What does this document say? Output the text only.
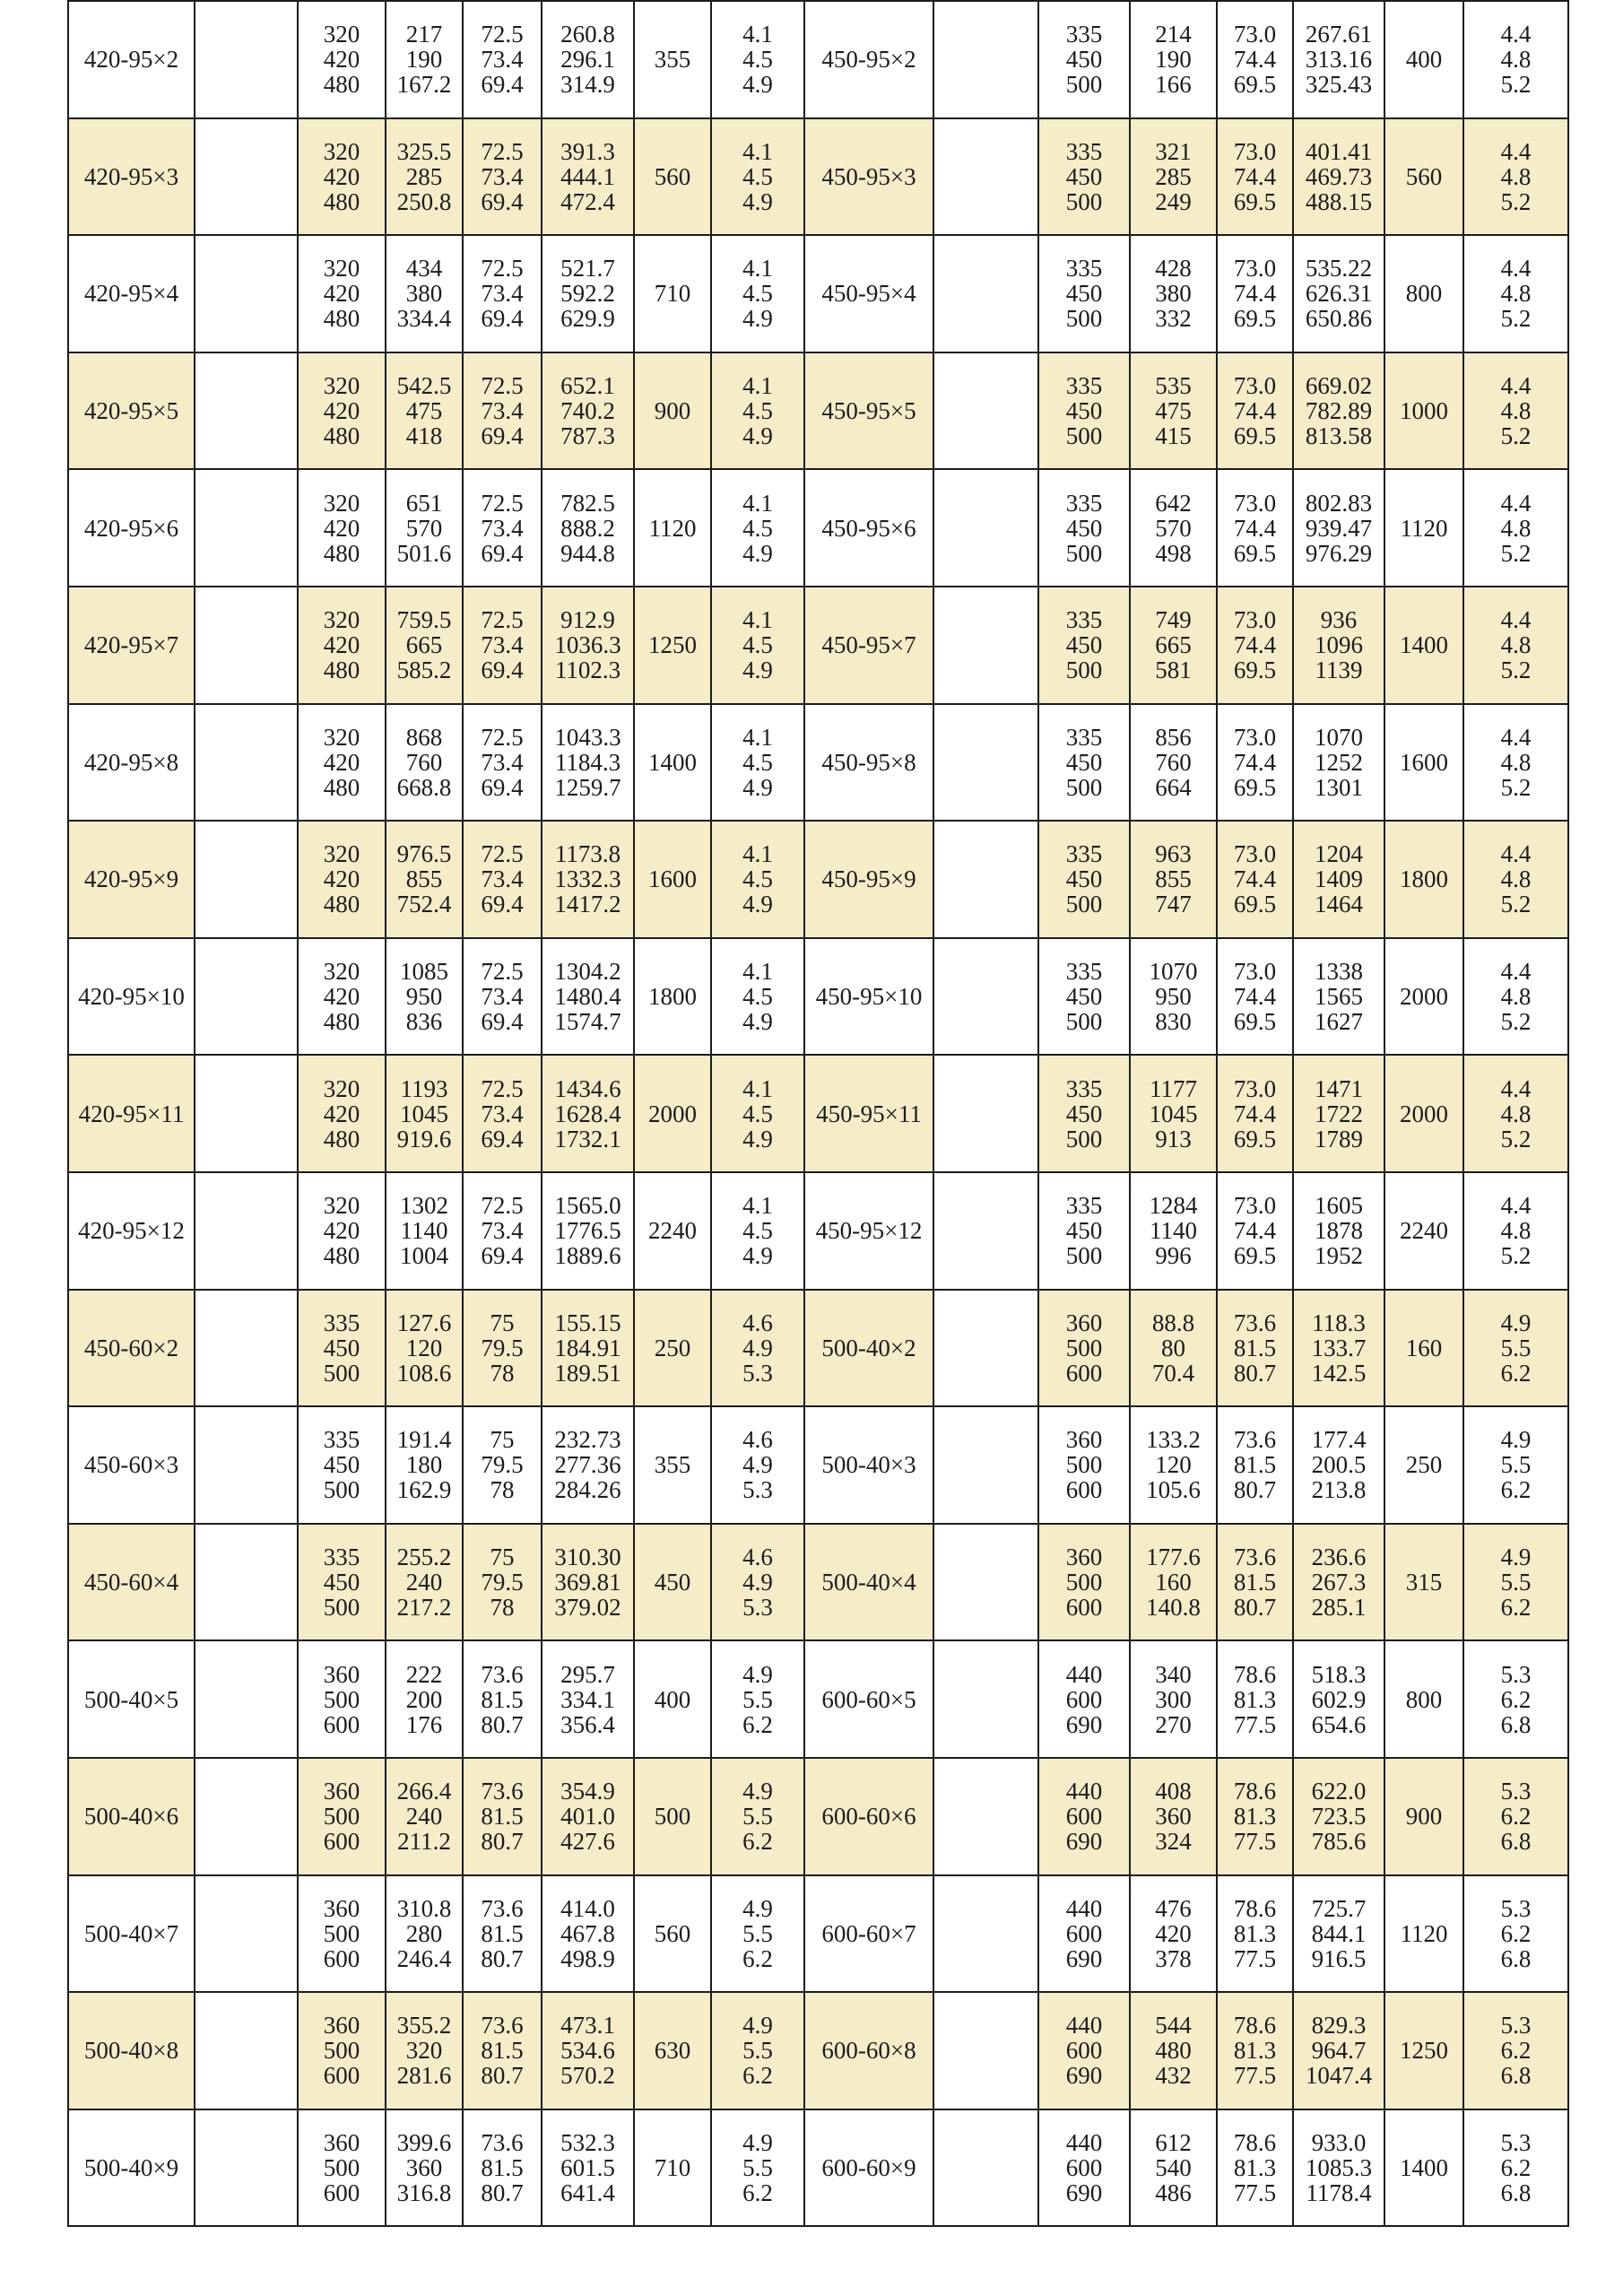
420-95×2
320
420
480
217
190
167.2
72.5
73.4
69.4
260.8
296.1
314.9
355
4.1
4.5
4.9
450-95×2
335
450
500
214
190
166
73.0
74.4
69.5
267.61
313.16
325.43
400
4.4
4.8
5.2
420-95×3
320
420
480
325.5
285
250.8
72.5
73.4
69.4
391.3
444.1
472.4
560
4.1
4.5
4.9
450-95×3
335
450
500
321
285
249
73.0
74.4
69.5
401.41
469.73
488.15
560
4.4
4.8
5.2
420-95×4
320
420
480
434
380
334.4
72.5
73.4
69.4
521.7
592.2
629.9
710
4.1
4.5
4.9
450-95×4
335
450
500
428
380
332
73.0
74.4
69.5
535.22
626.31
650.86
800
4.4
4.8
5.2
420-95×5
320
420
480
542.5
475
418
72.5
73.4
69.4
652.1
740.2
787.3
900
4.1
4.5
4.9
450-95×5
335
450
500
535
475
415
73.0
74.4
69.5
669.02
782.89
813.58
1000
4.4
4.8
5.2
420-95×6
320
420
480
651
570
501.6
72.5
73.4
69.4
782.5
888.2
944.8
1120
4.1
4.5
4.9
450-95×6
335
450
500
642
570
498
73.0
74.4
69.5
802.83
939.47
976.29
1120
4.4
4.8
5.2
420-95×7
320
420
480
759.5
665
585.2
72.5
73.4
69.4
912.9
1036.3
1102.3
1250
4.1
4.5
4.9
450-95×7
335
450
500
749
665
581
73.0
74.4
69.5
936
1096
1139
1400
4.4
4.8
5.2
420-95×8
320
420
480
868
760
668.8
72.5
73.4
69.4
1043.3
1184.3
1259.7
1400
4.1
4.5
4.9
450-95×8
335
450
500
856
760
664
73.0
74.4
69.5
1070
1252
1301
1600
4.4
4.8
5.2
420-95×9
320
420
480
976.5
855
752.4
72.5
73.4
69.4
1173.8
1332.3
1417.2
1600
4.1
4.5
4.9
450-95×9
335
450
500
963
855
747
73.0
74.4
69.5
1204
1409
1464
1800
4.4
4.8
5.2
420-95×10
320
420
480
1085
950
836
72.5
73.4
69.4
1304.2
1480.4
1574.7
1800
4.1
4.5
4.9
450-95×10
335
450
500
1070
950
830
73.0
74.4
69.5
1338
1565
1627
2000
4.4
4.8
5.2
420-95×11
320
420
480
1193
1045
919.6
72.5
73.4
69.4
1434.6
1628.4
1732.1
2000
4.1
4.5
4.9
450-95×11
335
450
500
1177
1045
913
73.0
74.4
69.5
1471
1722
1789
2000
4.4
4.8
5.2
420-95×12
320
420
480
1302
1140
1004
72.5
73.4
69.4
1565.0
1776.5
1889.6
2240
4.1
4.5
4.9
450-95×12
335
450
500
1284
1140
996
73.0
74.4
69.5
1605
1878
1952
2240
4.4
4.8
5.2
450-60×2
335
450
500
127.6
120
108.6
75
79.5
78
155.15
184.91
189.51
250
4.6
4.9
5.3
500-40×2
360
500
600
88.8
80
70.4
73.6
81.5
80.7
118.3
133.7
142.5
160
4.9
5.5
6.2
450-60×3
335
450
500
191.4
180
162.9
75
79.5
78
232.73
277.36
284.26
355
4.6
4.9
5.3
500-40×3
360
500
600
133.2
120
105.6
73.6
81.5
80.7
177.4
200.5
213.8
250
4.9
5.5
6.2
450-60×4
335
450
500
255.2
240
217.2
75
79.5
78
310.30
369.81
379.02
450
4.6
4.9
5.3
500-40×4
360
500
600
177.6
160
140.8
73.6
81.5
80.7
236.6
267.3
285.1
315
4.9
5.5
6.2
500-40×5
360
500
600
222
200
176
73.6
81.5
80.7
295.7
334.1
356.4
400
4.9
5.5
6.2
600-60×5
440
600
690
340
300
270
78.6
81.3
77.5
518.3
602.9
654.6
800
5.3
6.2
6.8
500-40×6
360
500
600
266.4
240
211.2
73.6
81.5
80.7
354.9
401.0
427.6
500
4.9
5.5
6.2
600-60×6
440
600
690
408
360
324
78.6
81.3
77.5
622.0
723.5
785.6
900
5.3
6.2
6.8
500-40×7
360
500
600
310.8
280
246.4
73.6
81.5
80.7
414.0
467.8
498.9
560
4.9
5.5
6.2
600-60×7
440
600
690
476
420
378
78.6
81.3
77.5
725.7
844.1
916.5
1120
5.3
6.2
6.8
500-40×8
360
500
600
355.2
320
281.6
73.6
81.5
80.7
473.1
534.6
570.2
630
4.9
5.5
6.2
600-60×8
440
600
690
544
480
432
78.6
81.3
77.5
829.3
964.7
1047.4
1250
5.3
6.2
6.8
500-40×9
360
500
600
399.6
360
316.8
73.6
81.5
80.7
532.3
601.5
641.4
710
4.9
5.5
6.2
600-60×9
440
600
690
612
540
486
78.6
81.3
77.5
933.0
1085.3
1178.4
1400
5.3
6.2
6.8
